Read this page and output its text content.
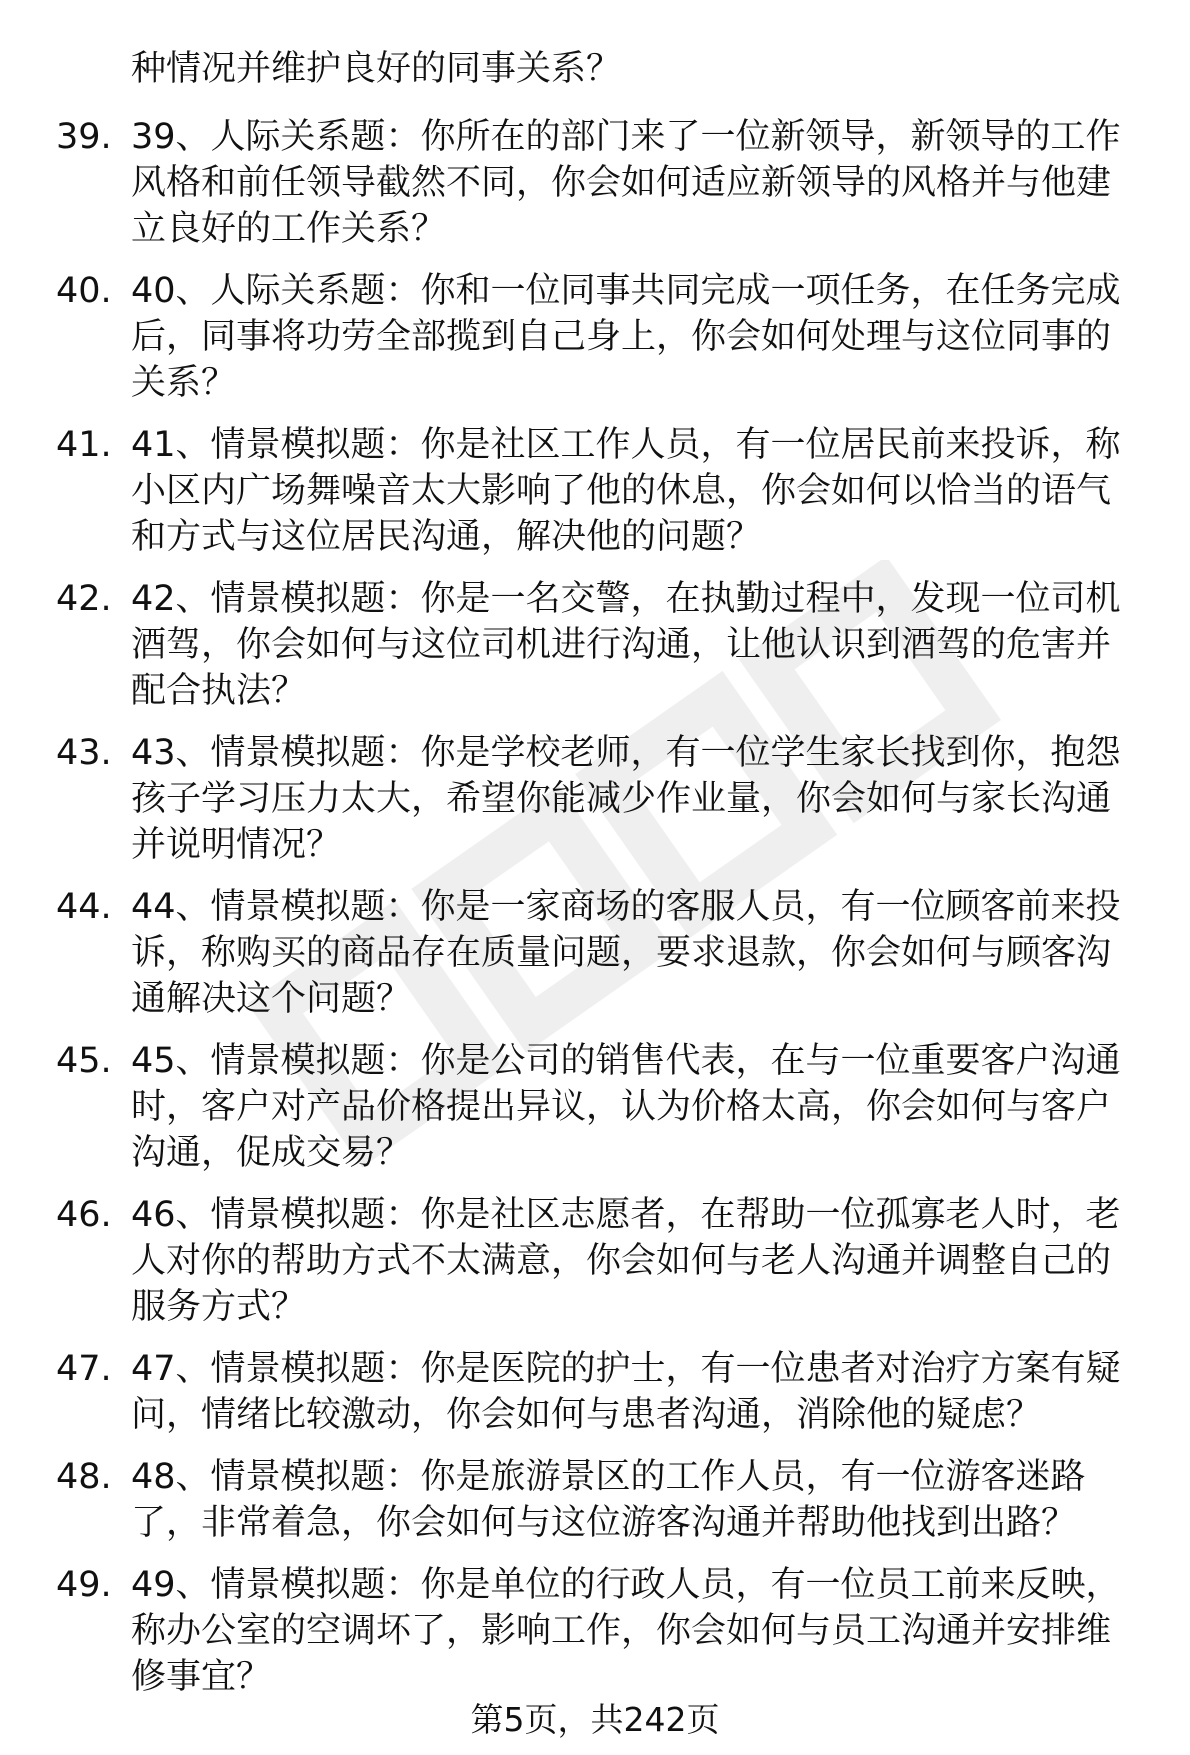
种情况并维护良好的同事关系？

39. 39、人际关系题：你所在的部门来了一位新领导，新领导的工作风格和前任领导截然不同，你会如何适应新领导的风格并与他建立良好的工作关系？
40. 40、人际关系题：你和一位同事共同完成一项任务，在任务完成后，同事将功劳全部揽到自己身上，你会如何处理与这位同事的关系？
41. 41、情景模拟题：你是社区工作人员，有一位居民前来投诉，称小区内广场舞噪音太大影响了他的休息，你会如何以恰当的语气和方式与这位居民沟通，解决他的问题？
42. 42、情景模拟题：你是一名交警，在执勤过程中，发现一位司机酒驾，你会如何与这位司机进行沟通，让他认识到酒驾的危害并配合执法？
43. 43、情景模拟题：你是学校老师，有一位学生家长找到你，抱怨孩子学习压力太大，希望你能减少作业量，你会如何与家长沟通并说明情况？
44. 44、情景模拟题：你是一家商场的客服人员，有一位顾客前来投诉，称购买的商品存在质量问题，要求退款，你会如何与顾客沟通解决这个问题？
45. 45、情景模拟题：你是公司的销售代表，在与一位重要客户沟通时，客户对产品价格提出异议，认为价格太高，你会如何与客户沟通，促成交易？
46. 46、情景模拟题：你是社区志愿者，在帮助一位孤寡老人时，老人对你的帮助方式不太满意，你会如何与老人沟通并调整自己的服务方式？
47. 47、情景模拟题：你是医院的护士，有一位患者对治疗方案有疑问，情绪比较激动，你会如何与患者沟通，消除他的疑虑？
48. 48、情景模拟题：你是旅游景区的工作人员，有一位游客迷路了，非常着急，你会如何与这位游客沟通并帮助他找到出路？
49. 49、情景模拟题：你是单位的行政人员，有一位员工前来反映，称办公室的空调坏了，影响工作，你会如何与员工沟通并安排维修事宜？
第5页，共242页
